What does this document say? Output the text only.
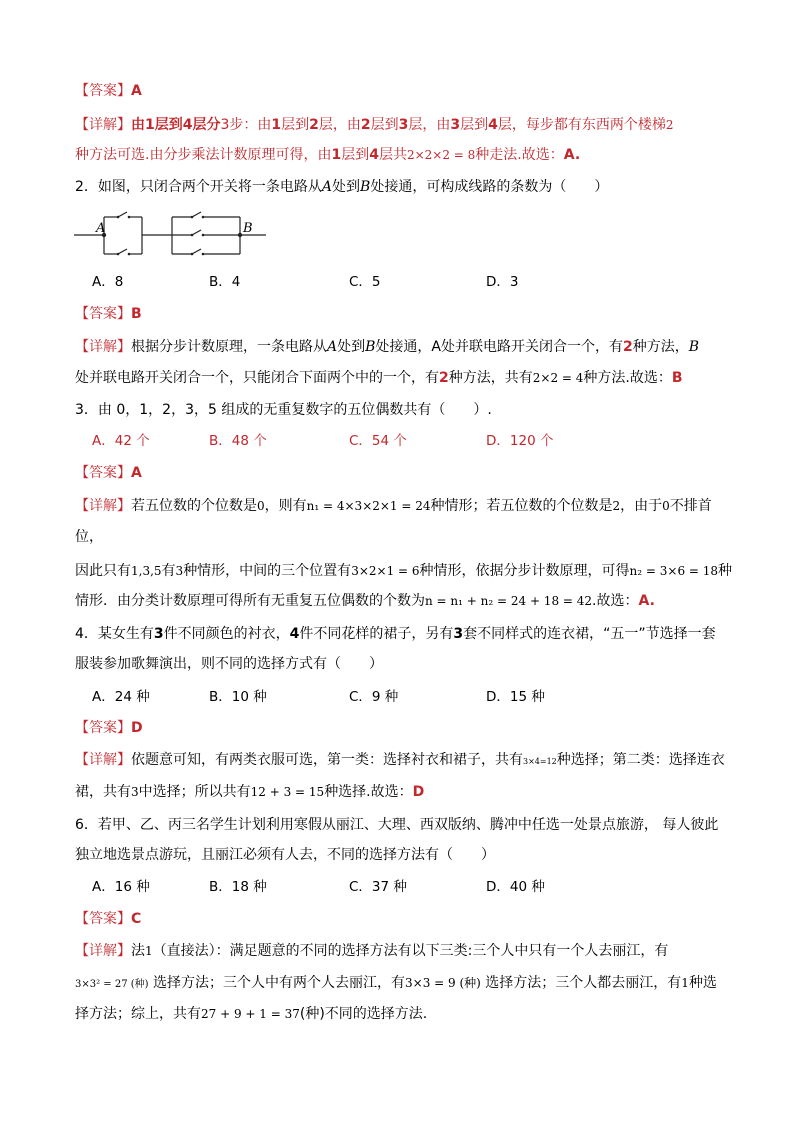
【答案】A
【详解】由1层到4层分3步：由1层到2层，由2层到3层，由3层到4层，每步都有东西两个楼梯2
种方法可选.由分步乘法计数原理可得，由1层到4层共2×2×2 = 8种走法.故选：A.
2．如图，只闭合两个开关将一条电路从A处到B处接通，可构成线路的条数为（　　）
A	B
A．8	B．4	C．5	D．3
【答案】B
【详解】根据分步计数原理，一条电路从A处到B处接通，A处并联电路开关闭合一个，有2种方法，B
处并联电路开关闭合一个，只能闭合下面两个中的一个，有2种方法，共有2×2 = 4种方法.故选：B
3．由 0，1，2，3，5 组成的无重复数字的五位偶数共有（　　）.
A．42 个	B．48 个	C．54 个	D．120 个
【答案】A
【详解】若五位数的个位数是0，则有n₁ = 4×3×2×1 = 24种情形；若五位数的个位数是2，由于0不排首
位，
因此只有1,3,5有3种情形，中间的三个位置有3×2×1 = 6种情形，依据分步计数原理，可得n₂ = 3×6 = 18种
情形．由分类计数原理可得所有无重复五位偶数的个数为n = n₁ + n₂ = 24 + 18 = 42.故选：A.
4．某女生有3件不同颜色的衬衣，4件不同花样的裙子，另有3套不同样式的连衣裙，“五一”节选择一套
服装参加歌舞演出，则不同的选择方式有（　　）
A．24 种	B．10 种	C．9 种	D．15 种
【答案】D
【详解】依题意可知，有两类衣服可选，第一类：选择衬衣和裙子，共有3×4=12种选择；第二类：选择连衣
裙，共有3中选择；所以共有12 + 3 = 15种选择.故选：D
6．若甲、乙、丙三名学生计划利用寒假从丽江、大理、西双版纳、腾冲中任选一处景点旅游， 每人彼此
独立地选景点游玩，且丽江必须有人去，不同的选择方法有（　　）
A．16 种	B．18 种	C．37 种	D．40 种
【答案】C
【详解】法1（直接法）：满足题意的不同的选择方法有以下三类:三个人中只有一个人去丽江，有
3×3² = 27 (种) 选择方法；三个人中有两个人去丽江，有3×3 = 9 (种) 选择方法；三个人都去丽江，有1种选
择方法；综上，共有27 + 9 + 1 = 37(种)不同的选择方法.
